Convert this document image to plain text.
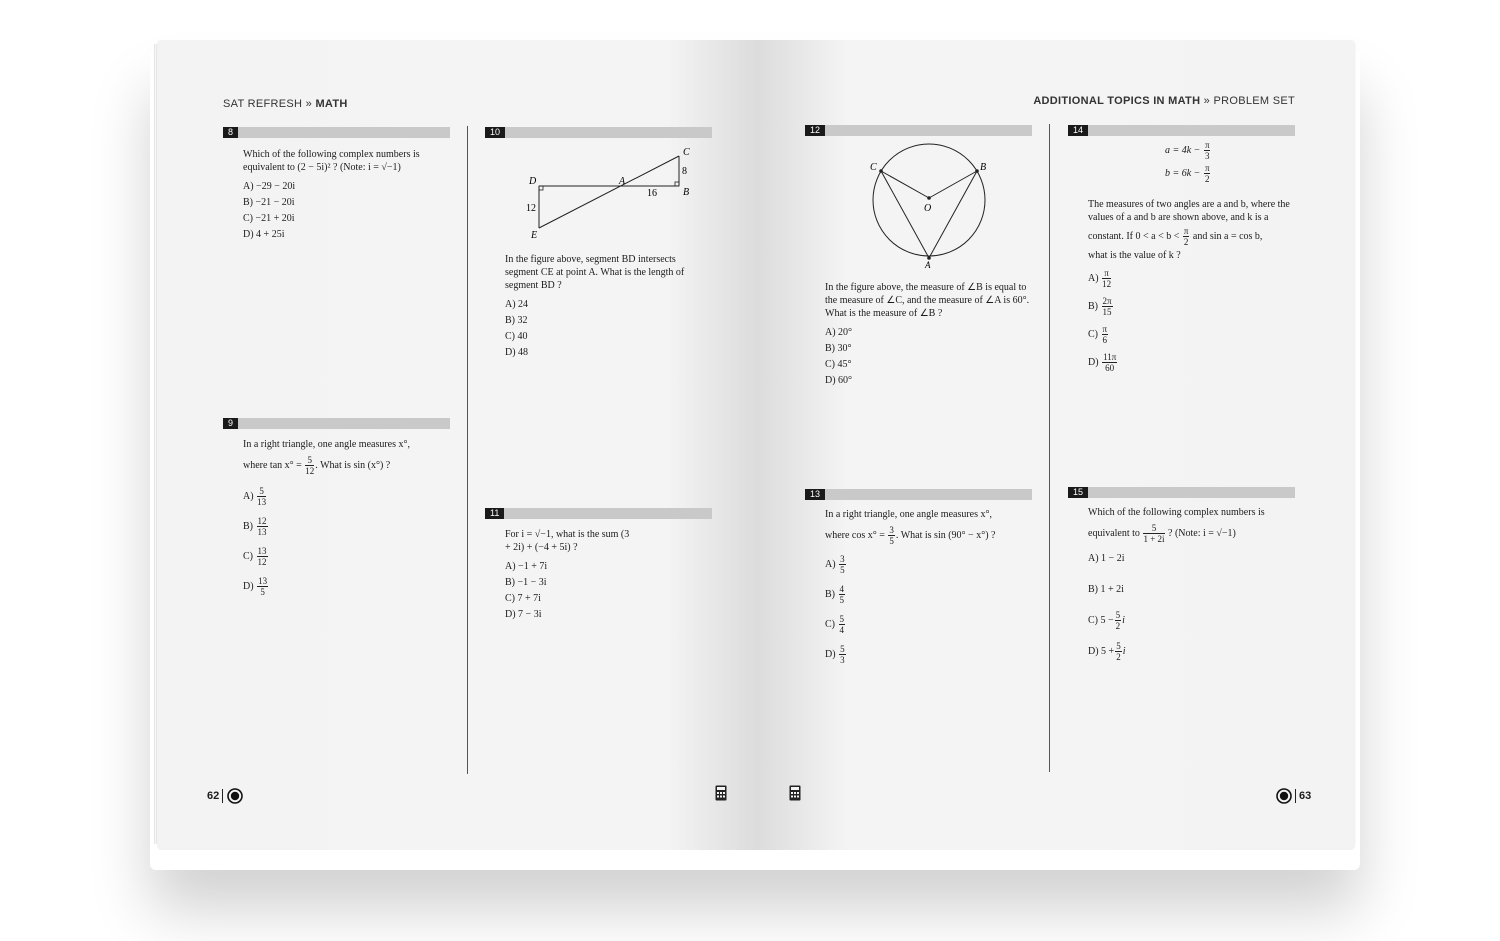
SAT REFRESH » MATH
8
Which of the following complex numbers is equivalent to (2 − 5i)² ? (Note: i = √−1)
A) −29 − 20i
B) −21 − 20i
C) −21 + 20i
D) 4 + 25i
9
In a right triangle, one angle measures x°,
where $\tan x^\circ = \frac{5}{12}$ . What is sin (x°) ?
$A) \frac{5}{13}$
$B) \frac{12}{13}$
$C) \frac{13}{12}$
$D) \frac{13}{5}$
10
C
D	A
B
E
8
16
12
In the figure above, segment BD intersects segment CE at point A. What is the length of segment BD ?
A) 24
B) 32
C) 40
D) 48
11
For i = √−1, what is the sum (3 + 2i) + (−4 + 5i) ?
A) −1 + 7i
B) −1 − 3i
C) 7 + 7i
D) 7 − 3i
62
ADDITIONAL TOPICS IN MATH » PROBLEM SET
12
C	B
O
A
In the figure above, the measure of ∠B is equal to the measure of ∠C, and the measure of ∠A is 60°. What is the measure of ∠B ?
A) 20°
B) 30°
C) 45°
D) 60°
13
In a right triangle, one angle measures x°,
where $\cos x^\circ = \frac{3}{5}$ . What is sin (90° − x°) ?
$A) \frac{3}{5}$
$B) \frac{4}{5}$
$C) \frac{5}{4}$
$D) \frac{5}{3}$
14
$a = 4k - \frac{\pi}{3}$
$b = 6k - \frac{\pi}{2}$
The measures of two angles are a and b, where the values of a and b are shown above, and k is a
constant. If $0 < a < b < \frac{\pi}{2}$ and sin a = cos b,
what is the value of k ?
$A) \frac{\pi}{12}$
$B) \frac{2\pi}{15}$
$C) \frac{\pi}{6}$
$D) \frac{11\pi}{60}$
15
Which of the following complex numbers is
equivalent to $\frac{5}{1 + 2i}$ ? (Note: i = √−1)
A) 1 − 2i
B) 1 + 2i
C) $5 - \frac{5}{2}$ i
D) $5 + \frac{5}{2}$ i
63
